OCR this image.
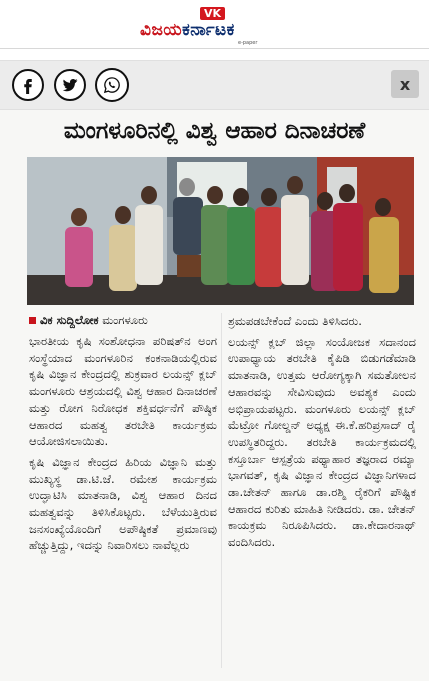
VK
ವಿಜಯಕರ್ನಾಟಕ
e-paper
x
ಮಂಗಳೂರಿನಲ್ಲಿ ವಿಶ್ವ ಆಹಾರ ದಿನಾಚರಣೆ
ವಿಕ ಸುದ್ದಿಲೋಕ ಮಂಗಳೂರು

ಭಾರತೀಯ ಕೃಷಿ ಸಂಶೋಧನಾ ಪರಿಷತ್‌ನ ಅಂಗ ಸಂಸ್ಥೆಯಾದ ಮಂಗಳೂರಿನ ಕಂಕನಾಡಿಯಲ್ಲಿರುವ ಕೃಷಿ ವಿಜ್ಞಾನ ಕೇಂದ್ರದಲ್ಲಿ ಶುಕ್ರವಾರ ಲಯನ್ಸ್ ಕ್ಲಬ್ ಮಂಗಳೂರು ಆಶ್ರಯದಲ್ಲಿ ವಿಶ್ವ ಆಹಾರ ದಿನಾಚರಣೆ ಮತ್ತು ರೋಗ ನಿರೋಧಕ ಶಕ್ತಿವರ್ಧನೆಗೆ ಪೌಷ್ಠಿಕ ಆಹಾರದ ಮಹತ್ವ ತರಬೇತಿ ಕಾರ್ಯಕ್ರಮ ಆಯೋಜಿಸಲಾಯಿತು.

ಕೃಷಿ ವಿಜ್ಞಾನ ಕೇಂದ್ರದ ಹಿರಿಯ ವಿಜ್ಞಾನಿ ಮತ್ತು ಮುಖ್ಯಸ್ಥ ಡಾ.ಟಿ.ಜೆ. ರಮೇಶ ಕಾರ್ಯಕ್ರಮ ಉದ್ಘಾಟಿಸಿ ಮಾತನಾಡಿ, ವಿಶ್ವ ಆಹಾರ ದಿನದ ಮಹತ್ವವನ್ನು ತಿಳಿಸಿಕೊಟ್ಟರು. ಬೆಳೆಯುತ್ತಿರುವ ಜನಸಂಖ್ಯೆಯೊಂದಿಗೆ ಅಪೌಷ್ಠಿಕತೆ ಪ್ರಮಾಣವು ಹೆಚ್ಚುತ್ತಿದ್ದು, ಇದನ್ನು ನಿವಾರಿಸಲು ನಾವೆಲ್ಲರು

ಶ್ರಮಪಡಬೇಕೆಂದೆ ಎಂದು ತಿಳಿಸಿದರು.

ಲಯನ್ಸ್ ಕ್ಲಬ್ ಜಿಲ್ಲಾ ಸಂಯೋಜಕ ಸದಾನಂದ ಉಪಾಧ್ಯಾಯ ತರಬೇತಿ ಕೈಪಿಡಿ ಬಿಡುಗಡೆಮಾಡಿ ಮಾತನಾಡಿ, ಉತ್ತಮ ಆರೋಗ್ಯಕ್ಕಾಗಿ ಸಮತೋಲನ ಆಹಾರವನ್ನು ಸೇವಿಸುವುದು ಅವಶ್ಯಕ ಎಂದು ಅಭಿಪ್ರಾಯಪಟ್ಟರು. ಮಂಗಳೂರು ಲಯನ್ಸ್ ಕ್ಲಬ್ ಮೆಟ್ರೋ ಗೋಲ್ಡನ್ ಅಧ್ಯಕ್ಷ ಈ.ಕೆ.ಹರಿಪ್ರಸಾದ್ ರೈ ಉಪಸ್ಥಿತರಿದ್ದರು. ತರಬೇತಿ ಕಾರ್ಯಕ್ರಮದಲ್ಲಿ ಕಸ್ತೂರ್ಬಾ ಆಸ್ಪತ್ರೆಯ ಪಥ್ಯಾಹಾರ ತಜ್ಞರಾದ ರಮ್ಯಾ ಭಾಗವತ್, ಕೃಷಿ ವಿಜ್ಞಾನ ಕೇಂದ್ರದ ವಿಜ್ಞಾನಿಗಳಾದ ಡಾ.ಚೇತನ್ ಹಾಗೂ ಡಾ.ರಶ್ಮಿ ರೈಕರಿಗೆ ಪೌಷ್ಟಿಕ ಆಹಾರದ ಕುರಿತು ಮಾಹಿತಿ ನೀಡಿದರು. ಡಾ. ಚೇತನ್ ಕಾಯಕ್ರಮ ನಿರೂಪಿಸಿದರು. ಡಾ.ಕೇದಾರನಾಥ್ ವಂದಿಸಿದರು.
